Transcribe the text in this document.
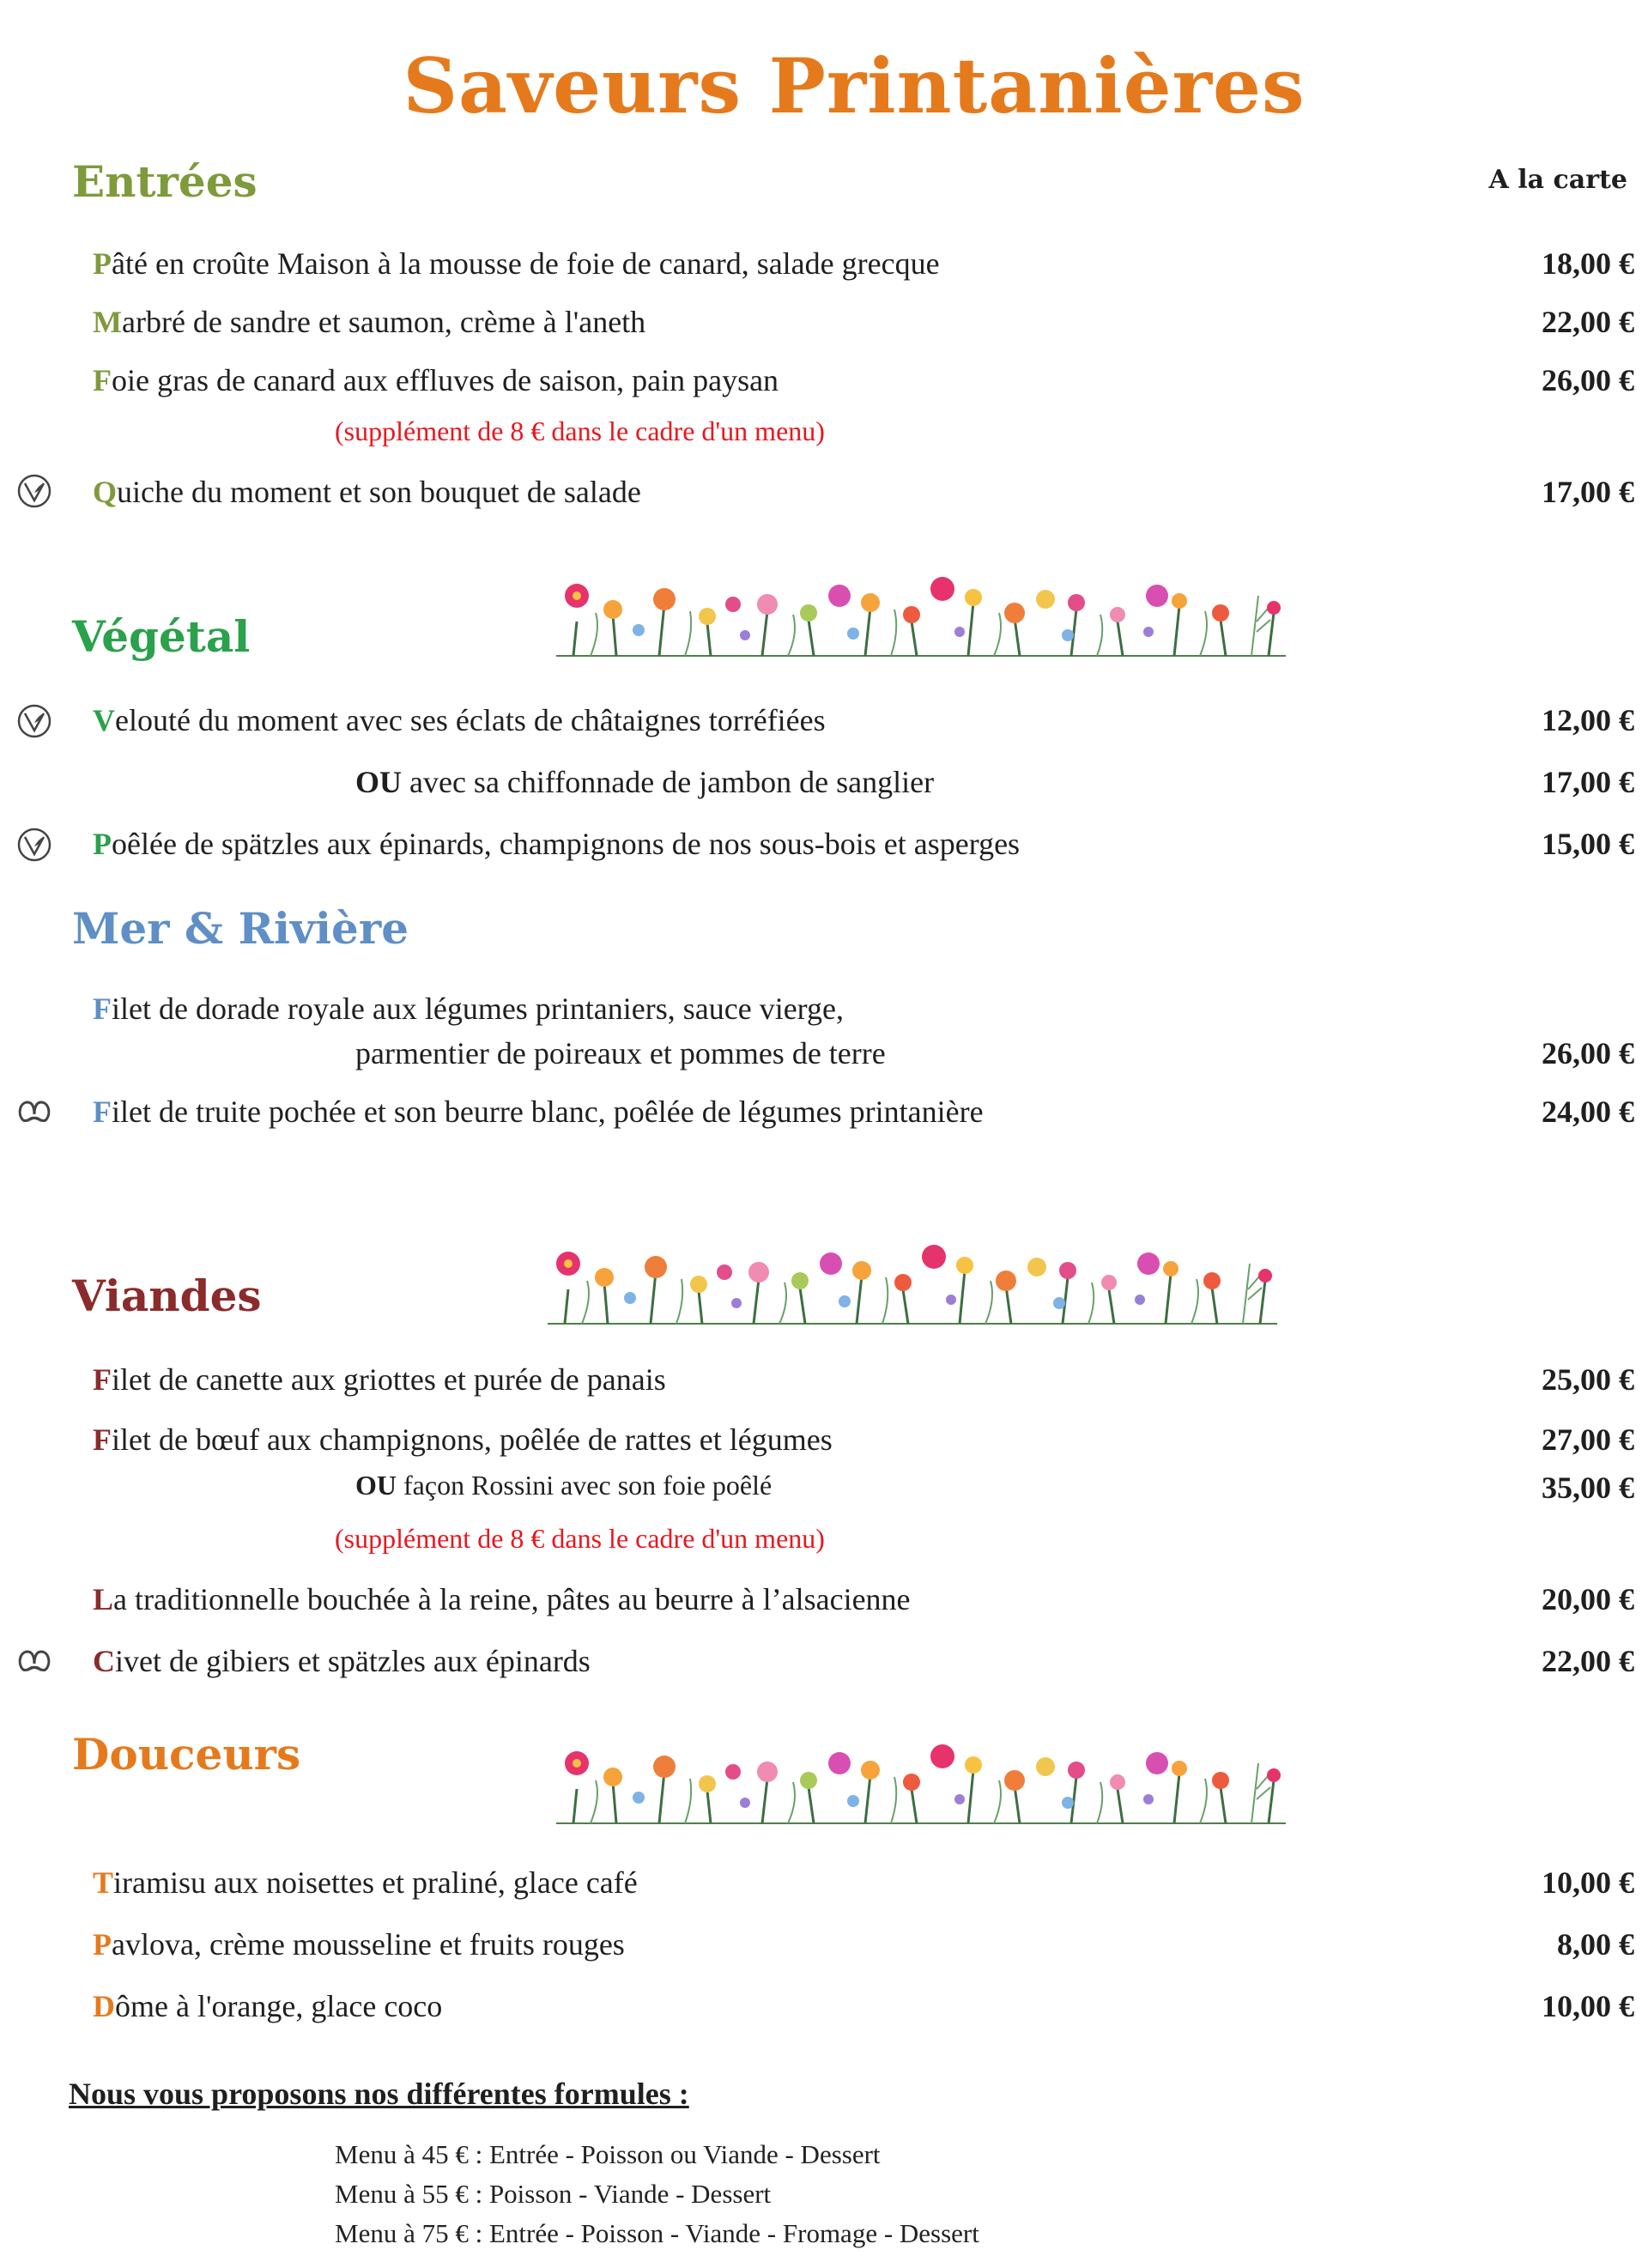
Saveurs Printanières
Entrées	A la carte
Pâté en croûte Maison à la mousse de foie de canard, salade grecque	18,00 €
Marbré de sandre et saumon, crème à l'aneth	22,00 €
Foie gras de canard aux effluves de saison, pain paysan	26,00 €
(supplément de 8 € dans le cadre d'un menu)
Quiche du moment et son bouquet de salade	17,00 €
Végétal
Velouté du moment avec ses éclats de châtaignes torréfiées	12,00 €
OU avec sa chiffonnade de jambon de sanglier	17,00 €
Poêlée de spätzles aux épinards, champignons de nos sous-bois et asperges	15,00 €
Mer & Rivière
Filet de dorade royale aux légumes printaniers, sauce vierge,
parmentier de poireaux et pommes de terre	26,00 €
Filet de truite pochée et son beurre blanc, poêlée de légumes printanière	24,00 €
Viandes
Filet de canette aux griottes et purée de panais	25,00 €
Filet de bœuf aux champignons, poêlée de rattes et légumes	27,00 €
OU façon Rossini avec son foie poêlé	35,00 €
(supplément de 8 € dans le cadre d'un menu)
La traditionnelle bouchée à la reine, pâtes au beurre à l’alsacienne	20,00 €
Civet de gibiers et spätzles aux épinards	22,00 €
Douceurs
Tiramisu aux noisettes et praliné, glace café	10,00 €
Pavlova, crème mousseline et fruits rouges	8,00 €
Dôme à l'orange, glace coco	10,00 €
Nous vous proposons nos différentes formules :
Menu à 45 € : Entrée - Poisson ou Viande - Dessert
Menu à 55 € : Poisson - Viande - Dessert
Menu à 75 € : Entrée - Poisson - Viande - Fromage - Dessert
